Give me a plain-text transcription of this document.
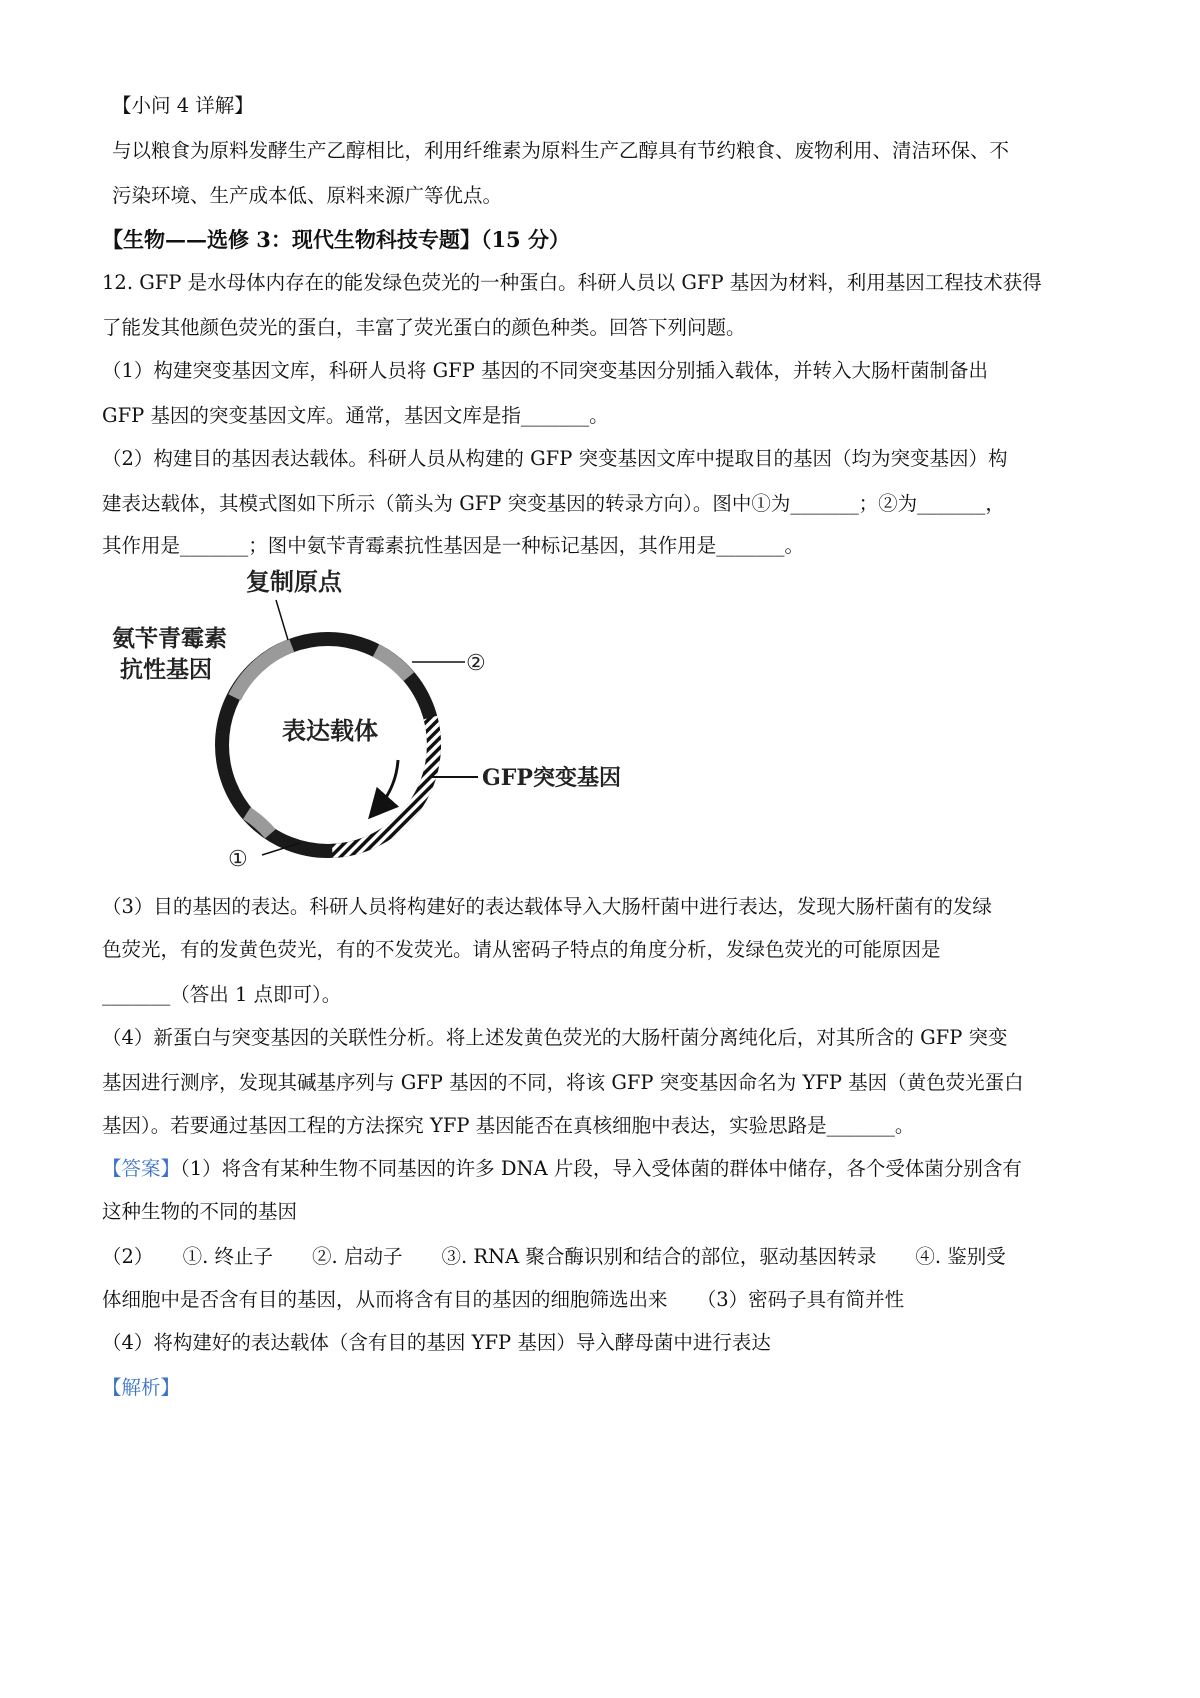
【小问 4 详解】
与以粮食为原料发酵生产乙醇相比，利用纤维素为原料生产乙醇具有节约粮食、废物利用、清洁环保、不
污染环境、生产成本低、原料来源广等优点。
【生物——选修 3：现代生物科技专题】（15 分）
12. GFP 是水母体内存在的能发绿色荧光的一种蛋白。科研人员以 GFP 基因为材料，利用基因工程技术获得
了能发其他颜色荧光的蛋白，丰富了荧光蛋白的颜色种类。回答下列问题。
（1）构建突变基因文库，科研人员将 GFP 基因的不同突变基因分别插入载体，并转入大肠杆菌制备出
GFP 基因的突变基因文库。通常，基因文库是指_______。
（2）构建目的基因表达载体。科研人员从构建的 GFP 突变基因文库中提取目的基因（均为突变基因）构
建表达载体，其模式图如下所示（箭头为 GFP 突变基因的转录方向）。图中①为_______；②为_______，
其作用是_______；图中氨苄青霉素抗性基因是一种标记基因，其作用是_______。
复制原点
氨苄青霉素
抗性基因	②
表达载体
GFP突变基因
①
（3）目的基因的表达。科研人员将构建好的表达载体导入大肠杆菌中进行表达，发现大肠杆菌有的发绿
色荧光，有的发黄色荧光，有的不发荧光。请从密码子特点的角度分析，发绿色荧光的可能原因是
_______（答出 1 点即可）。
（4）新蛋白与突变基因的关联性分析。将上述发黄色荧光的大肠杆菌分离纯化后，对其所含的 GFP 突变
基因进行测序，发现其碱基序列与 GFP 基因的不同，将该 GFP 突变基因命名为 YFP 基因（黄色荧光蛋白
基因）。若要通过基因工程的方法探究 YFP 基因能否在真核细胞中表达，实验思路是_______。
【答案】（1）将含有某种生物不同基因的许多 DNA 片段，导入受体菌的群体中储存，各个受体菌分别含有
这种生物的不同的基因
（2）　　①. 终止子　　②. 启动子　　③. RNA 聚合酶识别和结合的部位，驱动基因转录　　④. 鉴别受
体细胞中是否含有目的基因，从而将含有目的基因的细胞筛选出来　　（3）密码子具有简并性
（4）将构建好的表达载体（含有目的基因 YFP 基因）导入酵母菌中进行表达
【解析】
